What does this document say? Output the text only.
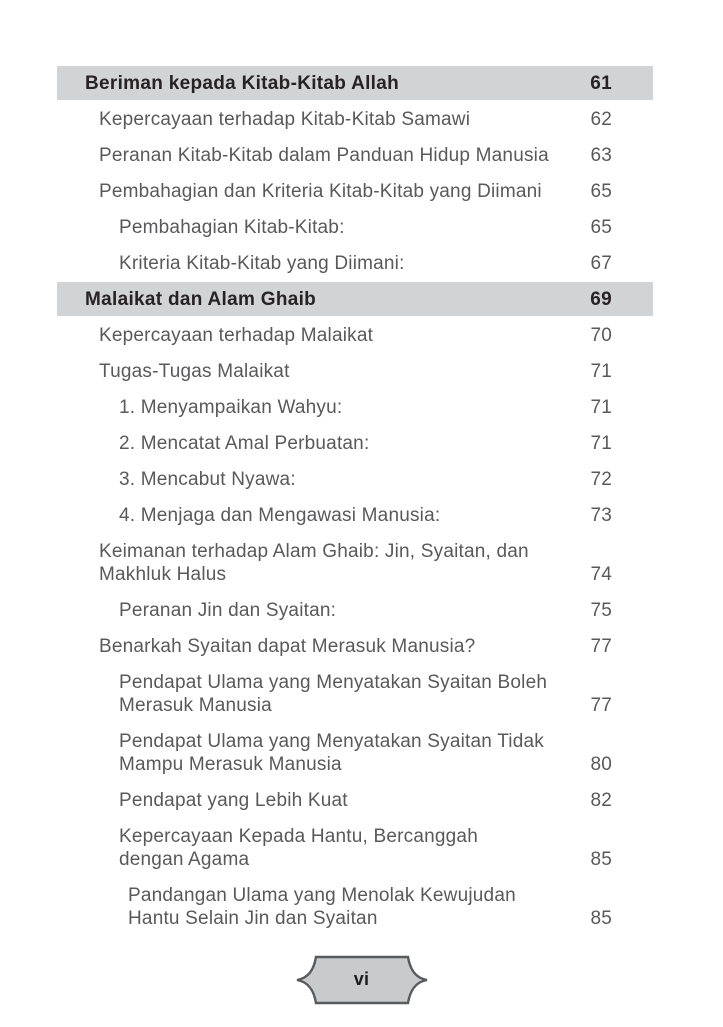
Beriman kepada Kitab-Kitab Allah	61
Kepercayaan terhadap Kitab-Kitab Samawi	62
Peranan Kitab-Kitab dalam Panduan Hidup Manusia	63
Pembahagian dan Kriteria Kitab-Kitab yang Diimani	65
Pembahagian Kitab-Kitab:	65
Kriteria Kitab-Kitab yang Diimani:	67
Malaikat dan Alam Ghaib	69
Kepercayaan terhadap Malaikat	70
Tugas-Tugas Malaikat	71
1. Menyampaikan Wahyu:	71
2. Mencatat Amal Perbuatan:	71
3. Mencabut Nyawa:	72
4. Menjaga dan Mengawasi Manusia:	73
Keimanan terhadap Alam Ghaib: Jin, Syaitan, dan
Makhluk Halus	74
Peranan Jin dan Syaitan:	75
Benarkah Syaitan dapat Merasuk Manusia?	77
Pendapat Ulama yang Menyatakan Syaitan Boleh
Merasuk Manusia	77
Pendapat Ulama yang Menyatakan Syaitan Tidak
Mampu Merasuk Manusia	80
Pendapat yang Lebih Kuat	82
Kepercayaan Kepada Hantu, Bercanggah
dengan Agama	85
Pandangan Ulama yang Menolak Kewujudan
Hantu Selain Jin dan Syaitan	85
vi
